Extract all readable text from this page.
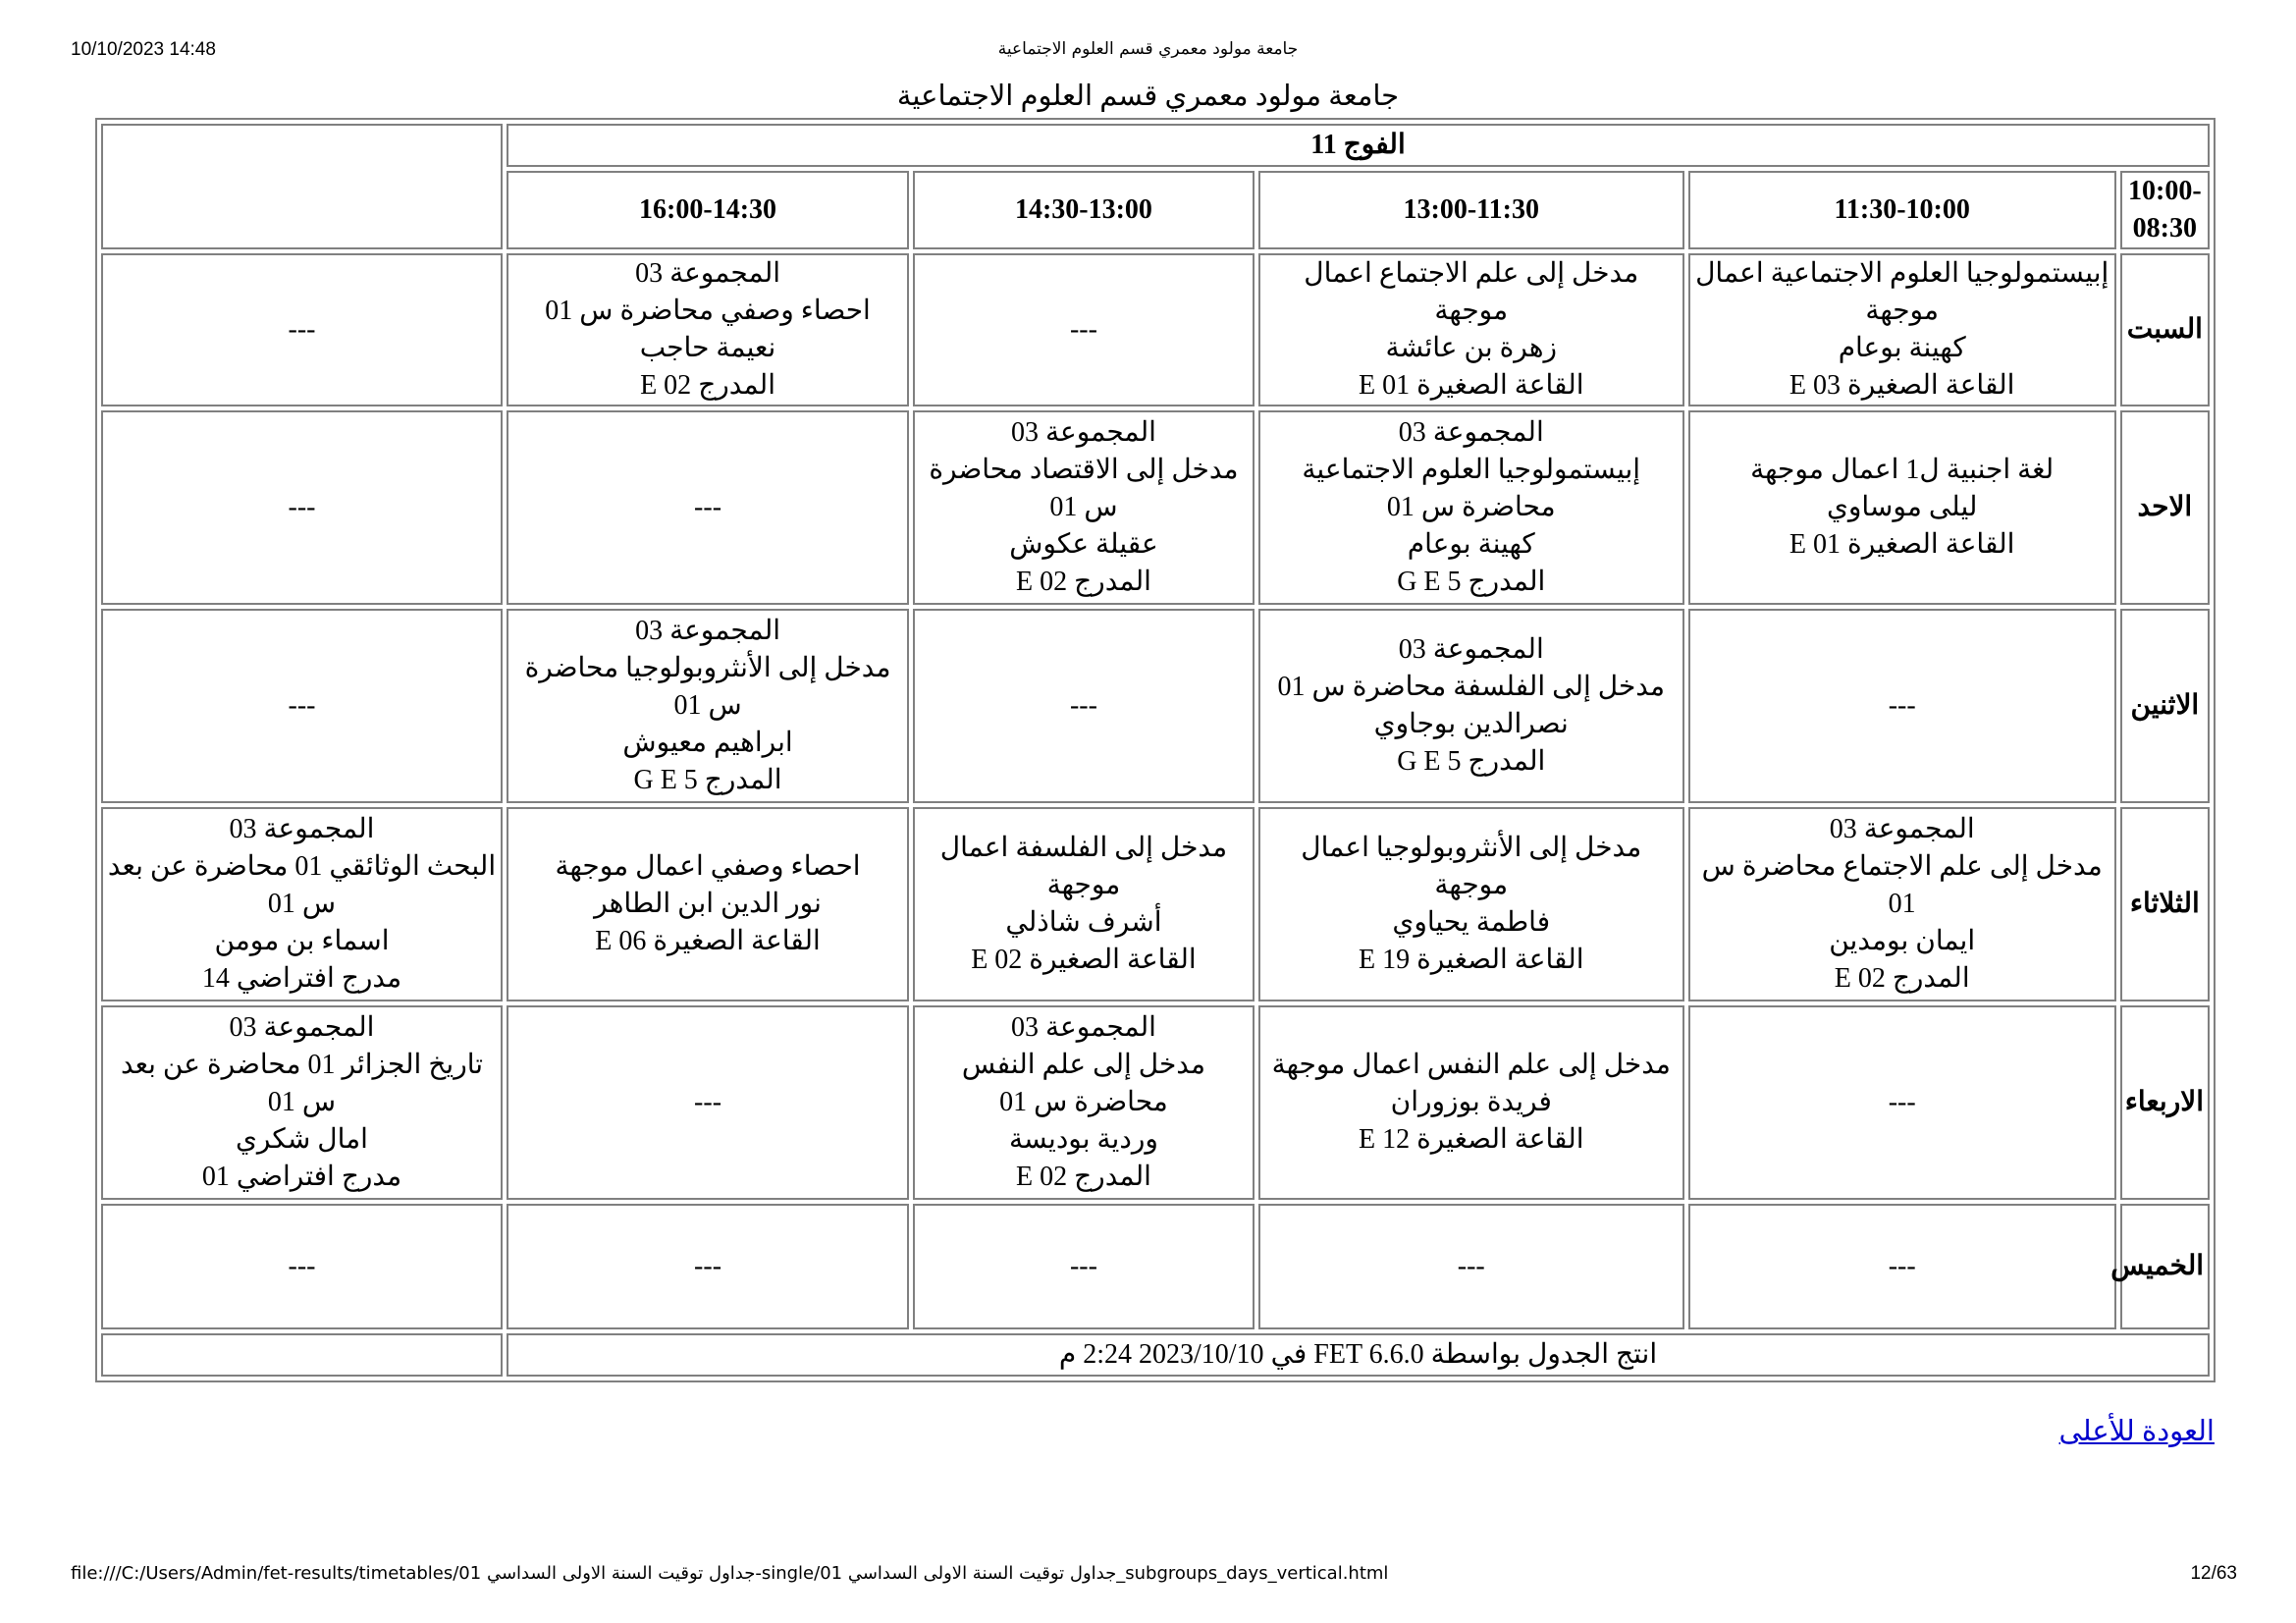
10/10/2023 14:48	جامعة مولود معمري قسم العلوم الاجتماعية
جامعة مولود معمري قسم العلوم الاجتماعية
الفوج 11					
10:00-08:30	11:30-10:00	13:00-11:30	14:30-13:00	16:00-14:30	
السبت	إبيستمولوجيا العلوم الاجتماعية اعمال موجهة
كهينة بوعام
القاعة الصغيرة E 03	مدخل إلى علم الاجتماع اعمال موجهة
زهرة بن عائشة
القاعة الصغيرة E 01	---	المجموعة 03
احصاء وصفي محاضرة س 01
نعيمة حاجب
المدرج E 02	---

الاحد	لغة اجنبية ل1 اعمال موجهة
ليلى موساوي
القاعة الصغيرة E 01	المجموعة 03
إبيستمولوجيا العلوم الاجتماعية محاضرة س 01
كهينة بوعام
المدرج G E 5	المجموعة 03
مدخل إلى الاقتصاد محاضرة س 01
عقيلة عكوش
المدرج E 02	---	---

الاثنين	---	المجموعة 03
مدخل إلى الفلسفة محاضرة س 01
نصرالدين بوجاوي
المدرج G E 5	---	المجموعة 03
مدخل إلى الأنثروبولوجيا محاضرة س 01
ابراهيم معيوش
المدرج G E 5	---

الثلاثاء	المجموعة 03
مدخل إلى علم الاجتماع محاضرة س 01
ايمان بومدين
المدرج E 02	مدخل إلى الأنثروبولوجيا اعمال موجهة
فاطمة يحياوي
القاعة الصغيرة E 19	مدخل إلى الفلسفة اعمال موجهة
أشرف شاذلي
القاعة الصغيرة E 02	احصاء وصفي اعمال موجهة
نور الدين ابن الطاهر
القاعة الصغيرة E 06	المجموعة 03
البحث الوثائقي 01 محاضرة عن بعد س 01
اسماء بن مومن
مدرج افتراضي 14

الاربعاء	---	مدخل إلى علم النفس اعمال موجهة
فريدة بوزوران
القاعة الصغيرة E 12	المجموعة 03
مدخل إلى علم النفس محاضرة س 01
وردية بوديسة
المدرج E 02	---	المجموعة 03
تاريخ الجزائر 01 محاضرة عن بعد س 01
امال شكري
مدرج افتراضي 01

الخميس	---	---	---	---	---

انتج الجدول بواسطة FET 6.6.0 في 2023/10/10 2:24 م					
العودة للأعلى
file:///C:/Users/Admin/fet-results/timetables/01 جداول توقيت السنة الاولى السداسي-single/01 جداول توقيت السنة الاولى السداسي_subgroups_days_vertical.html	12/63
